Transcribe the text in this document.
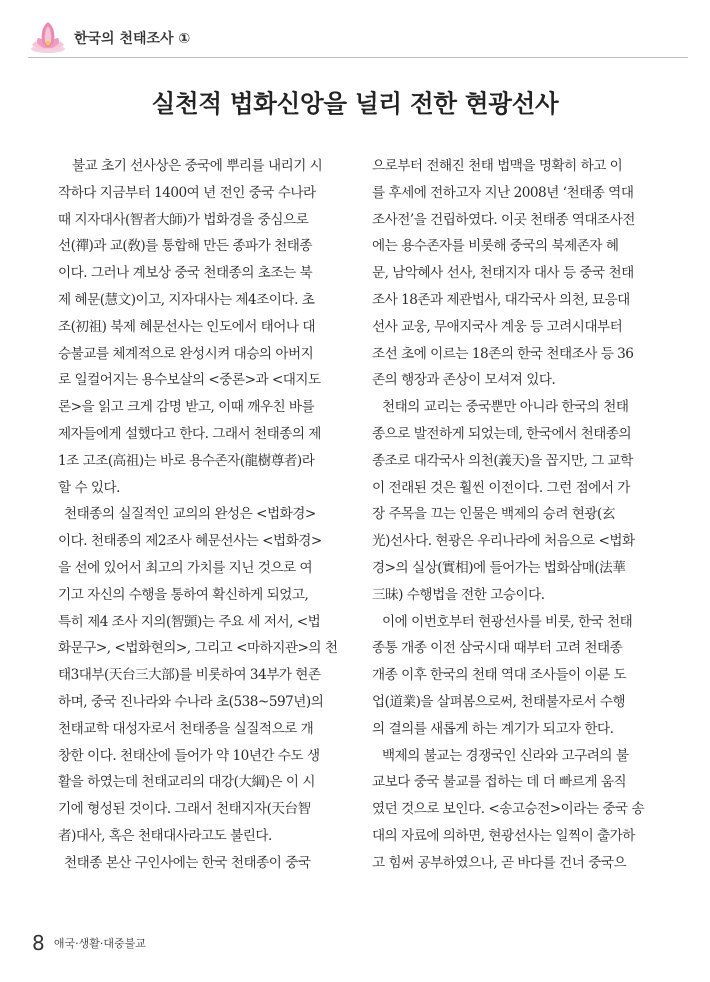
한국의 천태조사 ①
실천적 법화신앙을 널리 전한 현광선사
불교 초기 선사상은 중국에 뿌리를 내리기 시
작하다 지금부터 1400여 년 전인 중국 수나라
때 지자대사(智者大師)가 법화경을 중심으로
선(禪)과 교(敎)를 통합해 만든 종파가 천태종
이다. 그러나 계보상 중국 천태종의 초조는 북
제 혜문(慧文)이고, 지자대사는 제4조이다. 초
조(初祖) 북제 혜문선사는 인도에서 태어나 대
승불교를 체계적으로 완성시켜 대승의 아버지
로 일컬어지는 용수보살의 <중론>과 <대지도
론>을 읽고 크게 감명 받고, 이때 깨우친 바를
제자들에게 설했다고 한다. 그래서 천태종의 제
1조 고조(高祖)는 바로 용수존자(龍樹尊者)라
할 수 있다.
천태종의 실질적인 교의의 완성은 <법화경>
이다. 천태종의 제2조사 혜문선사는 <법화경>
을 선에 있어서 최고의 가치를 지닌 것으로 여
기고 자신의 수행을 통하여 확신하게 되었고,
특히 제4 조사 지의(智顗)는 주요 세 저서, <법
화문구>, <법화현의>, 그리고 <마하지관>의 천
태3대부(天台三大部)를 비롯하여 34부가 현존
하며, 중국 진나라와 수나라 초(538~597년)의
천태교학 대성자로서 천태종을 실질적으로 개
창한 이다. 천태산에 들어가 약 10년간 수도 생
활을 하였는데 천태교리의 대강(大綱)은 이 시
기에 형성된 것이다. 그래서 천태지자(天台智
者)대사, 혹은 천태대사라고도 불린다.
천태종 본산 구인사에는 한국 천태종이 중국
으로부터 전해진 천태 법맥을 명확히 하고 이
를 후세에 전하고자 지난 2008년 ‘천태종 역대
조사전’을 건립하였다. 이곳 천태종 역대조사전
에는 용수존자를 비롯해 중국의 북제존자 혜
문, 남악혜사 선사, 천태지자 대사 등 중국 천태
조사 18존과 제관법사, 대각국사 의천, 묘응대
선사 교웅, 무애지국사 계웅 등 고려시대부터
조선 초에 이르는 18존의 한국 천태조사 등 36
존의 행장과 존상이 모셔져 있다.
천태의 교리는 중국뿐만 아니라 한국의 천태
종으로 발전하게 되었는데, 한국에서 천태종의
종조로 대각국사 의천(義天)을 꼽지만, 그 교학
이 전래된 것은 훨씬 이전이다. 그런 점에서 가
장 주목을 끄는 인물은 백제의 승려 현광(玄
光)선사다. 현광은 우리나라에 처음으로 <법화
경>의 실상(實相)에 들어가는 법화삼매(法華
三昧) 수행법을 전한 고승이다.
이에 이번호부터 현광선사를 비롯, 한국 천태
종통 개종 이전 삼국시대 때부터 고려 천태종
개종 이후 한국의 천태 역대 조사들이 이룬 도
업(道業)을 살펴봄으로써, 천태불자로서 수행
의 결의를 새롭게 하는 계기가 되고자 한다.
백제의 불교는 경쟁국인 신라와 고구려의 불
교보다 중국 불교를 접하는 데 더 빠르게 움직
였던 것으로 보인다. <송고승전>이라는 중국 송
대의 자료에 의하면, 현광선사는 일찍이 출가하
고 힘써 공부하였으나, 곧 바다를 건너 중국으
8 애국·생활·대중불교
